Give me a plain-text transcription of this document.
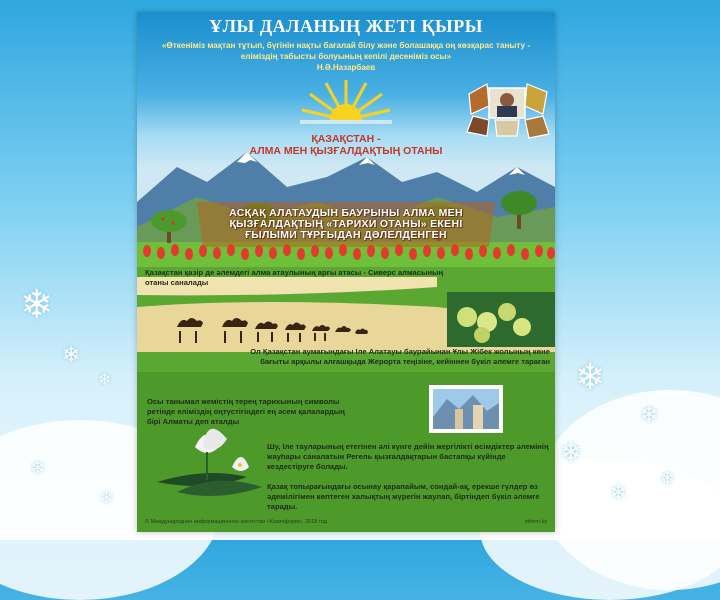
❄
❄
❄
❄
❄
❄
❄
❄
❄
❄
ҰЛЫ ДАЛАНЫҢ ЖЕТІ ҚЫРЫ
«Өткеніміз мақтан тұтып, бүгінін нақты бағалай білу және болашаққа оң көзқарас таныту - еліміздің табысты болуының кепілі десеніміз осы»
Н.Ә.Назарбаев
ҚАЗАҚСТАН -
АЛМА МЕН ҚЫЗҒАЛДАҚТЫҢ ОТАНЫ
АСҚАҚ АЛАТАУДЫН БАУРЫНЫ АЛМА МЕН
ҚЫЗҒАЛДАҚТЫҢ «ТАРИХИ ОТАНЫ» ЕКЕНІ
ҒЫЛЫМИ ТҰРҒЫДАН ДӘЛЕЛДЕНГЕН
Қазақстан қазір де әлемдегі алма атаулының арғы атасы - Сиверс алмасының отаны саналады
Ол Қазақстан аумағындағы Іле Алатауы баурайынан Ұлы Жібек жолының көне бағыты арқылы алғашқыда Жерорта теңізіне, кейіннен бүкіл әлемге тараған
Осы танымал жемістің терең тарихының символы ретінде еліміздің оңтүстігіндегі ең әсем қалалардың бірі Алматы деп аталды
Шу, Іле тауларының етегінен әлі күнге дейін жергілікті өсімдіктер әлемінің жауһары саналатын Регель қызғалдақтарын бастапқы күйінде кездестіруге болады.
Қазақ топырағындағы осынау қарапайым, сондай-ақ, ерекше гүлдер өз әдемілігімен көптеген халықтың жүрегін жаулап, біртіндеп бүкіл әлемге тарады.
© Международное информационное агентство «Казинформ», 2018 год	inform.kz
